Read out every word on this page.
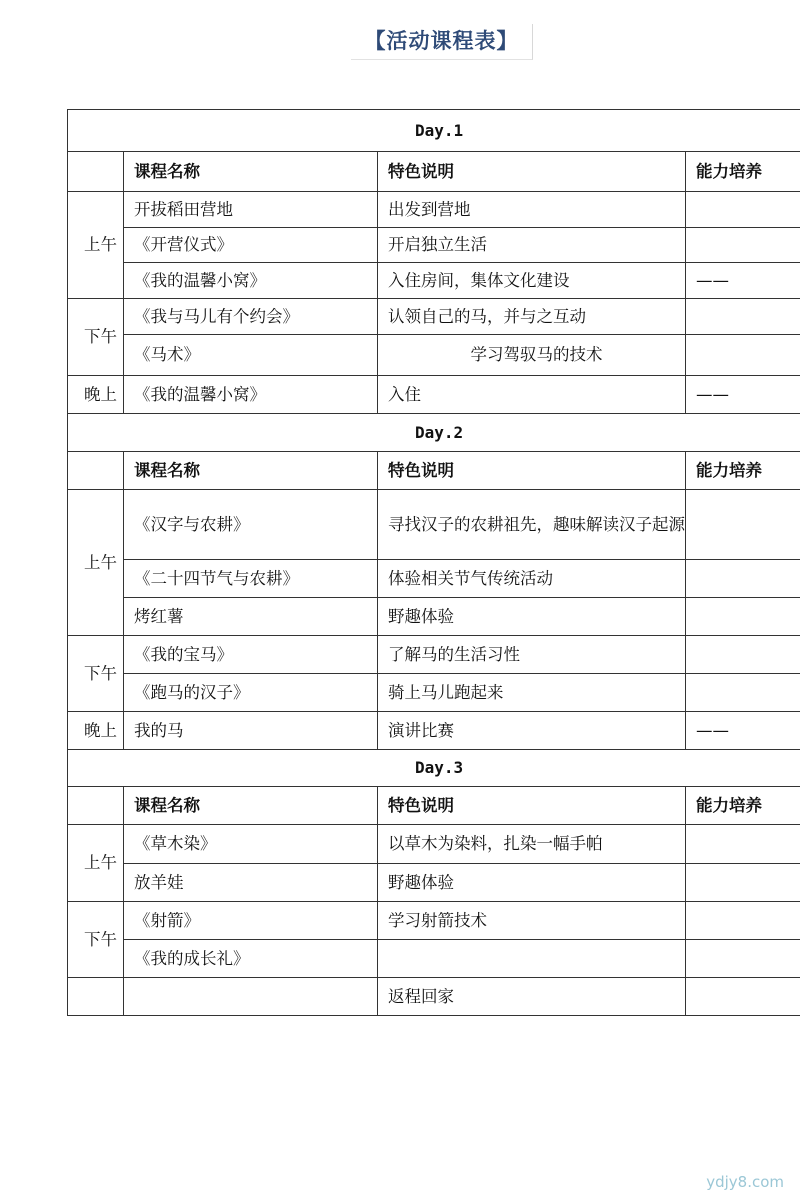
【活动课程表】
Day.1			
	课程名称	特色说明	能力培养
上午	开拔稻田营地	出发到营地	
	《开营仪式》	开启独立生活	
	《我的温馨小窝》	入住房间，集体文化建设	——
下午	《我与马儿有个约会》	认领自己的马，并与之互动	
	《马术》	学习驾驭马的技术	
晚上	《我的温馨小窝》	入住	——
Day.2			
	课程名称	特色说明	能力培养
上午	《汉字与农耕》	寻找汉子的农耕祖先，趣味解读汉子起源	
	《二十四节气与农耕》	体验相关节气传统活动	
	烤红薯	野趣体验	
下午	《我的宝马》	了解马的生活习性	
	《跑马的汉子》	骑上马儿跑起来	
晚上	我的马	演讲比赛	——
Day.3			
	课程名称	特色说明	能力培养
上午	《草木染》	以草木为染料，扎染一幅手帕	
	放羊娃	野趣体验	
下午	《射箭》	学习射箭技术	
	《我的成长礼》		
		返程回家	
ydjy8.com
